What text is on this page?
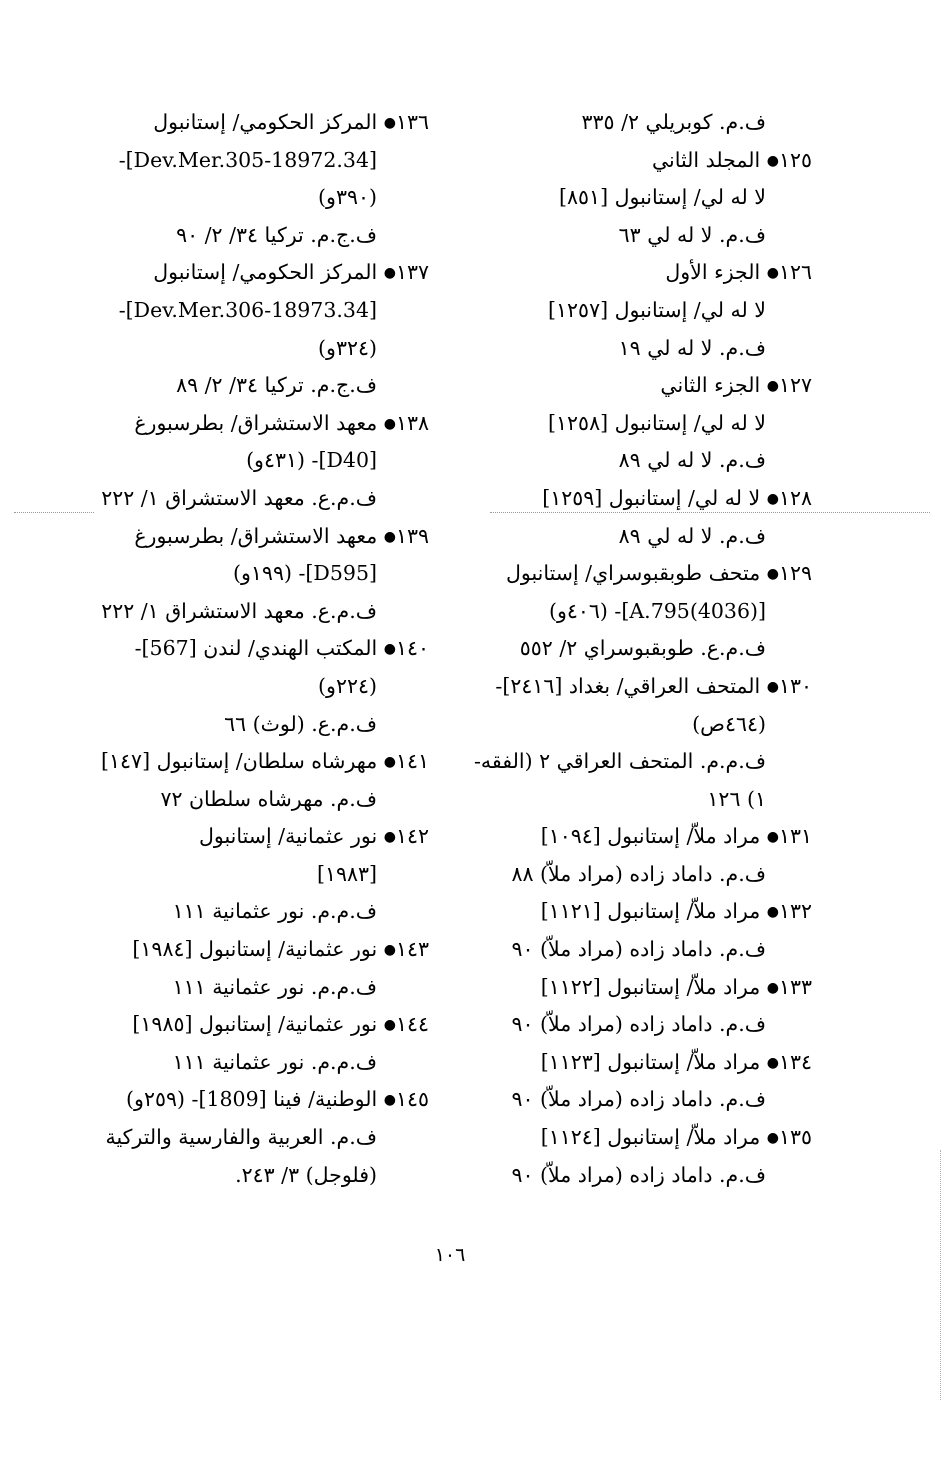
ف.م. كوبريلي ٢/ ٣٣٥
١٢٥● المجلد الثاني
لا له لي/ إستانبول [٨٥١]
ف.م. لا له لي ٦٣
١٢٦● الجزء الأول
لا له لي/ إستانبول [١٢٥٧]
ف.م. لا له لي ١٩
١٢٧● الجزء الثاني
لا له لي/ إستانبول [١٢٥٨]
ف.م. لا له لي ٨٩
١٢٨● لا له لي/ إستانبول [١٢٥٩]
ف.م. لا له لي ٨٩
١٢٩● متحف طوبقبوسراي/ إستانبول
[A.795(4036)]- (٤٠٦و)
ف.م.ع. طوبقبوسراي ٢/ ٥٥٢
١٣٠● المتحف العراقي/ بغداد [٢٤١٦]-
(٤٦٤ص)
ف.م.م. المتحف العراقي ٢ (الفقه-
١) ١٢٦
١٣١● مراد ملاّ/ إستانبول [١٠٩٤]
ف.م. داماد زاده (مراد ملاّ) ٨٨
١٣٢● مراد ملاّ/ إستانبول [١١٢١]
ف.م. داماد زاده (مراد ملاّ) ٩٠
١٣٣● مراد ملاّ/ إستانبول [١١٢٢]
ف.م. داماد زاده (مراد ملاّ) ٩٠
١٣٤● مراد ملاّ/ إستانبول [١١٢٣]
ف.م. داماد زاده (مراد ملاّ) ٩٠
١٣٥● مراد ملاّ/ إستانبول [١١٢٤]
ف.م. داماد زاده (مراد ملاّ) ٩٠
١٣٦● المركز الحكومي/ إستانبول
[34.Dev.Mer.305-18972]-
(٣٩٠و)
ف.ج.م. تركيا ٣٤/ ٢/ ٩٠
١٣٧● المركز الحكومي/ إستانبول
[34.Dev.Mer.306-18973]-
(٣٢٤و)
ف.ج.م. تركيا ٣٤/ ٢/ ٨٩
١٣٨● معهد الاستشراق/ بطرسبورغ
[D40]- (٤٣١و)
ف.م.ع. معهد الاستشراق ١/ ٢٢٢
١٣٩● معهد الاستشراق/ بطرسبورغ
[D595]- (١٩٩و)
ف.م.ع. معهد الاستشراق ١/ ٢٢٢
١٤٠● المكتب الهندي/ لندن [567]-
(٢٢٤و)
ف.م.ع. (لوث) ٦٦
١٤١● مهرشاه سلطان/ إستانبول [١٤٧]
ف.م. مهرشاه سلطان ٧٢
١٤٢● نور عثمانية/ إستانبول
[١٩٨٣]
ف.م.م. نور عثمانية ١١١
١٤٣● نور عثمانية/ إستانبول [١٩٨٤]
ف.م.م. نور عثمانية ١١١
١٤٤● نور عثمانية/ إستانبول [١٩٨٥]
ف.م.م. نور عثمانية ١١١
١٤٥● الوطنية/ فينا [1809]- (٢٥٩و)
ف.م. العربية والفارسية والتركية
(فلوجل) ٣/ ٢٤٣.
١٠٦
